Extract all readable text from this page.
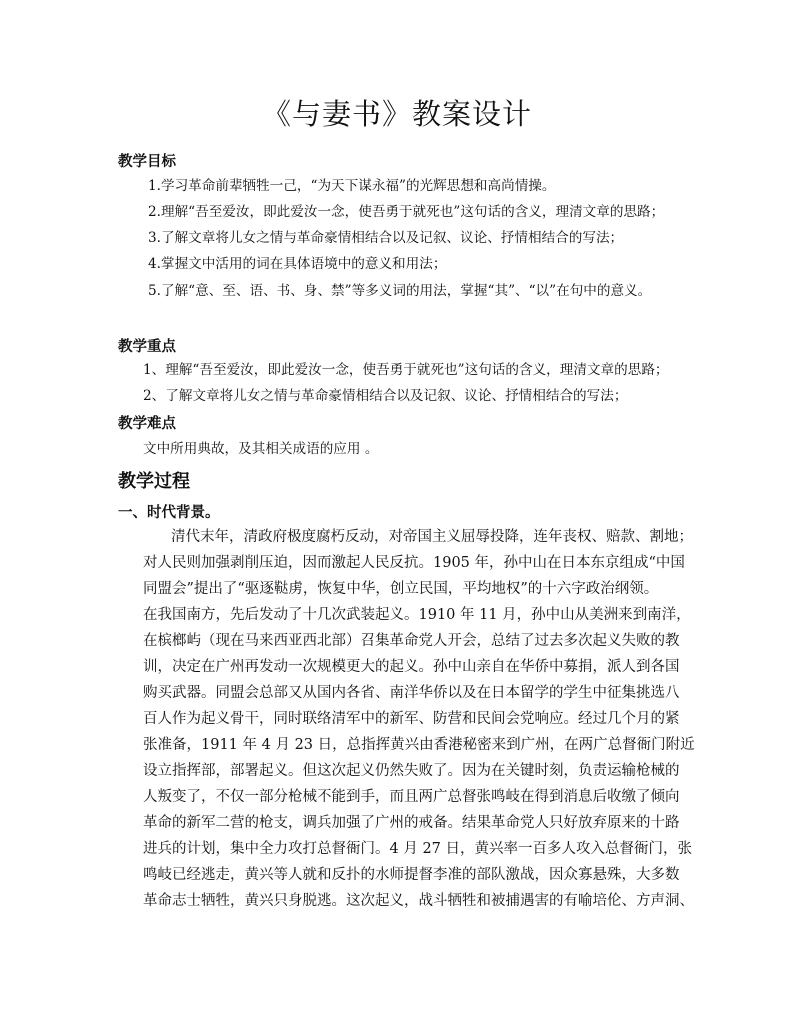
《与妻书》教案设计
教学目标
1.学习革命前辈牺牲一己，“为天下谋永福”的光辉思想和高尚情操。
2.理解“吾至爱汝，即此爱汝一念，使吾勇于就死也”这句话的含义，理清文章的思路；
3.了解文章将儿女之情与革命豪情相结合以及记叙、议论、抒情相结合的写法；
4.掌握文中活用的词在具体语境中的意义和用法；
5.了解“意、至、语、书、身、禁”等多义词的用法，掌握“其”、“以”在句中的意义。
教学重点
1、理解“吾至爱汝，即此爱汝一念，使吾勇于就死也”这句话的含义，理清文章的思路；
2、了解文章将儿女之情与革命豪情相结合以及记叙、议论、抒情相结合的写法；
教学难点
文中所用典故，及其相关成语的应用 。
教学过程
一、时代背景。
清代末年，清政府极度腐朽反动，对帝国主义屈辱投降，连年丧权、赔款、割地；
对人民则加强剥削压迫，因而激起人民反抗。1905 年，孙中山在日本东京组成“中国
同盟会”提出了“驱逐鞑虏，恢复中华，创立民国，平均地权”的十六字政治纲领。
在我国南方，先后发动了十几次武装起义。1910 年 11 月，孙中山从美洲来到南洋，
在槟榔屿（现在马来西亚西北部）召集革命党人开会，总结了过去多次起义失败的教
训，决定在广州再发动一次规模更大的起义。孙中山亲自在华侨中募捐，派人到各国
购买武器。同盟会总部又从国内各省、南洋华侨以及在日本留学的学生中征集挑选八
百人作为起义骨干，同时联络清军中的新军、防营和民间会党响应。经过几个月的紧
张准备，1911 年 4 月 23 日，总指挥黄兴由香港秘密来到广州，在两广总督衙门附近
设立指挥部，部署起义。但这次起义仍然失败了。因为在关键时刻，负责运输枪械的
人叛变了，不仅一部分枪械不能到手，而且两广总督张鸣岐在得到消息后收缴了倾向
革命的新军二营的枪支，调兵加强了广州的戒备。结果革命党人只好放弃原来的十路
进兵的计划，集中全力攻打总督衙门。4 月 27 日，黄兴率一百多人攻入总督衙门，张
鸣岐已经逃走，黄兴等人就和反扑的水师提督李准的部队激战，因众寡悬殊，大多数
革命志士牺牲，黄兴只身脱逃。这次起义，战斗牺牲和被捕遇害的有喻培伦、方声洞、
